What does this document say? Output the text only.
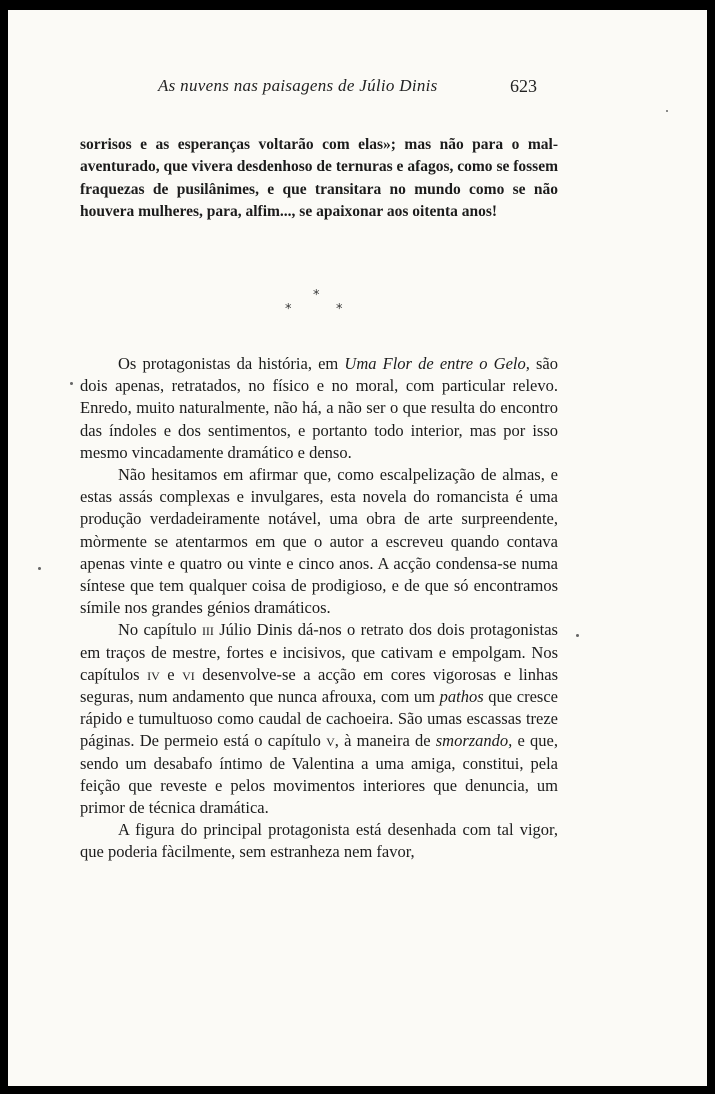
As nuvens nas paisagens de Júlio Dinis	623

sorrisos e as esperanças voltarão com elas»; mas não para o mal-aventurado, que vivera desdenhoso de ternuras e afagos, como se fossem fraquezas de pusilânimes, e que transitara no mundo como se não houvera mulheres, para, alfim..., se apaixonar aos oitenta anos!

*
*	*

Os protagonistas da história, em Uma Flor de entre o Gelo, são dois apenas, retratados, no físico e no moral, com particular relevo. Enredo, muito naturalmente, não há, a não ser o que resulta do encontro das índoles e dos sentimentos, e portanto todo interior, mas por isso mesmo vincadamente dramático e denso.

Não hesitamos em afirmar que, como escalpelização de almas, e estas assás complexas e invulgares, esta novela do romancista é uma produção verdadeiramente notável, uma obra de arte surpreendente, mòrmente se atentarmos em que o autor a escreveu quando contava apenas vinte e quatro ou vinte e cinco anos. A acção condensa-se numa síntese que tem qualquer coisa de prodigioso, e de que só encontramos símile nos grandes génios dramáticos.

No capítulo iii Júlio Dinis dá-nos o retrato dos dois protagonistas em traços de mestre, fortes e incisivos, que cativam e empolgam. Nos capítulos iv e vi desenvolve-se a acção em cores vigorosas e linhas seguras, num andamento que nunca afrouxa, com um pathos que cresce rápido e tumultuoso como caudal de cachoeira. São umas escassas treze páginas. De permeio está o capítulo v, à maneira de smorzando, e que, sendo um desabafo íntimo de Valentina a uma amiga, constitui, pela feição que reveste e pelos movimentos interiores que denuncia, um primor de técnica dramática.

A figura do principal protagonista está desenhada com tal vigor, que poderia fàcilmente, sem estranheza nem favor,
